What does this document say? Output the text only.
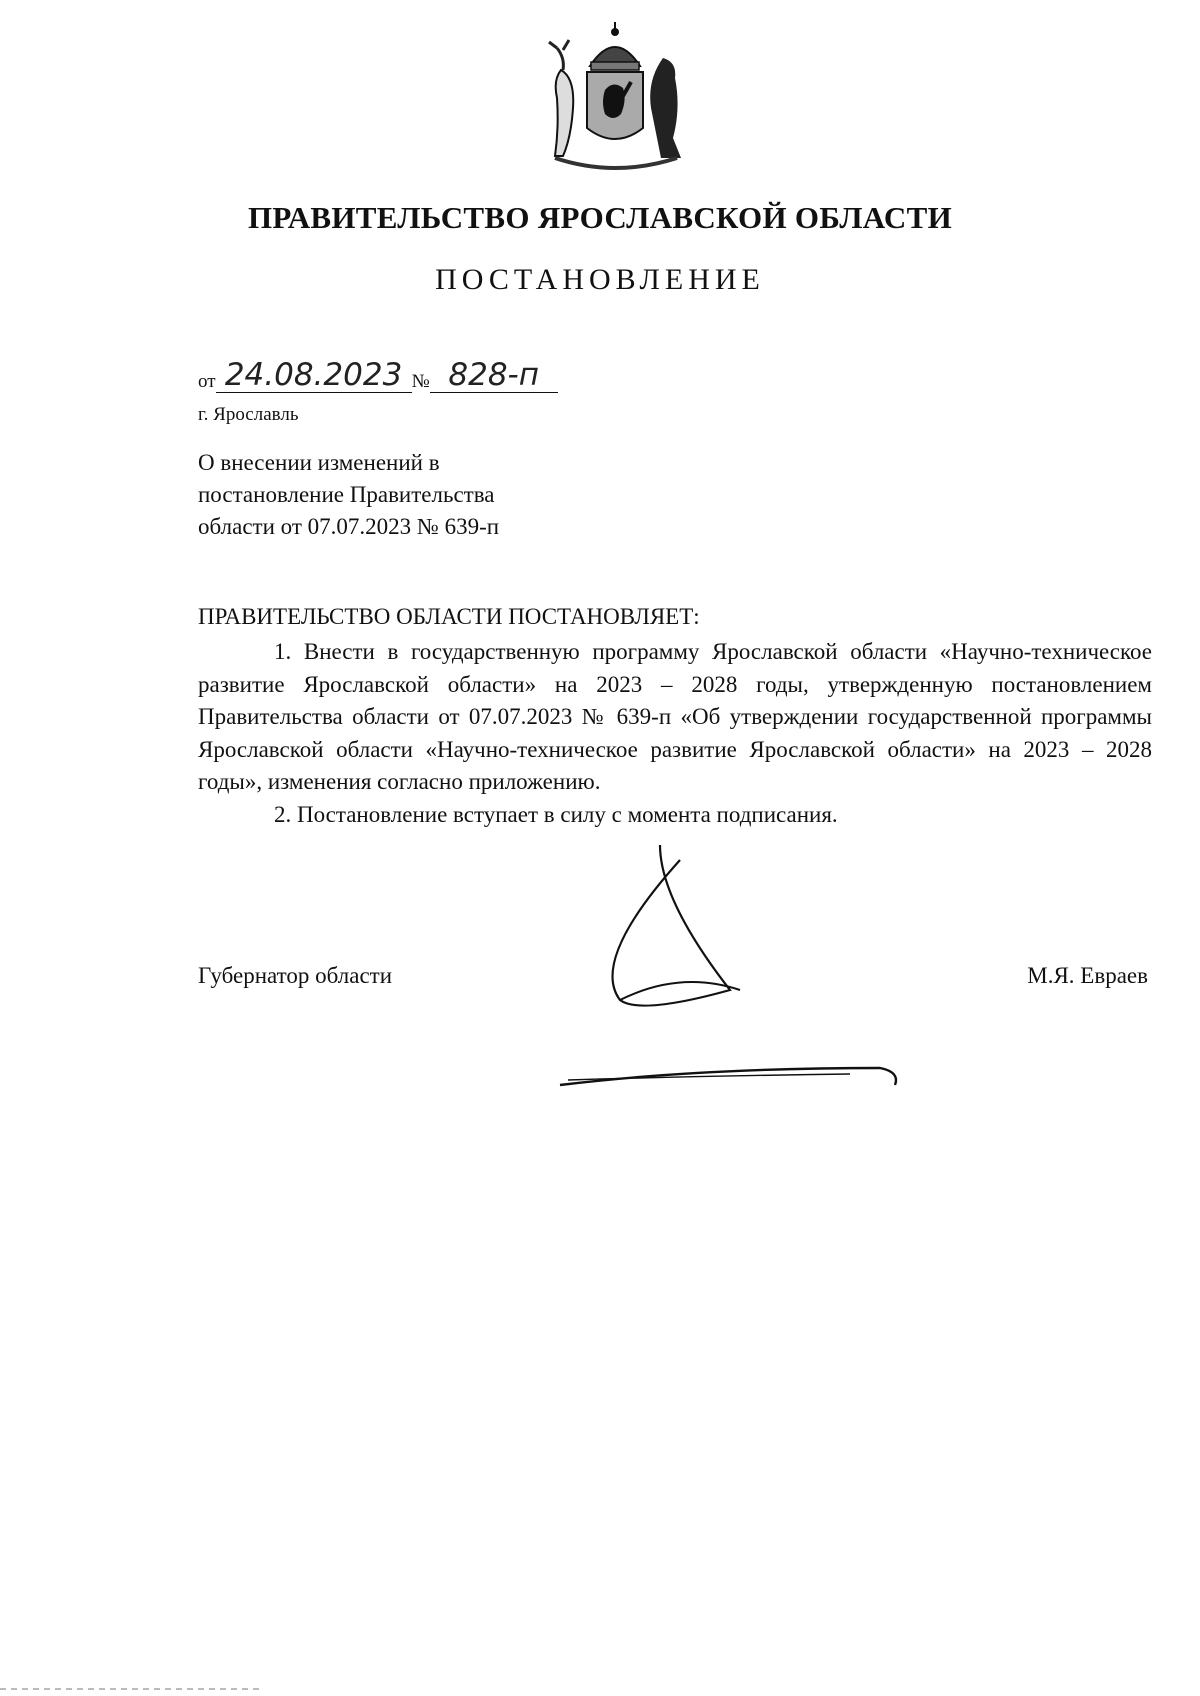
ПРАВИТЕЛЬСТВО ЯРОСЛАВСКОЙ ОБЛАСТИ
ПОСТАНОВЛЕНИЕ
от 24.08.2023 № 828-п
г. Ярославль
О внесении изменений в
постановление Правительства
области от 07.07.2023 № 639-п
ПРАВИТЕЛЬСТВО ОБЛАСТИ ПОСТАНОВЛЯЕТ:

1. Внести в государственную программу Ярославской области «Научно-техническое развитие Ярославской области» на 2023 – 2028 годы, утвержденную постановлением Правительства области от 07.07.2023 № 639-п «Об утверждении государственной программы Ярославской области «Научно-техническое развитие Ярославской области» на 2023 – 2028 годы», изменения согласно приложению.

2. Постановление вступает в силу с момента подписания.

Губернатор области	М.Я. Евраев
